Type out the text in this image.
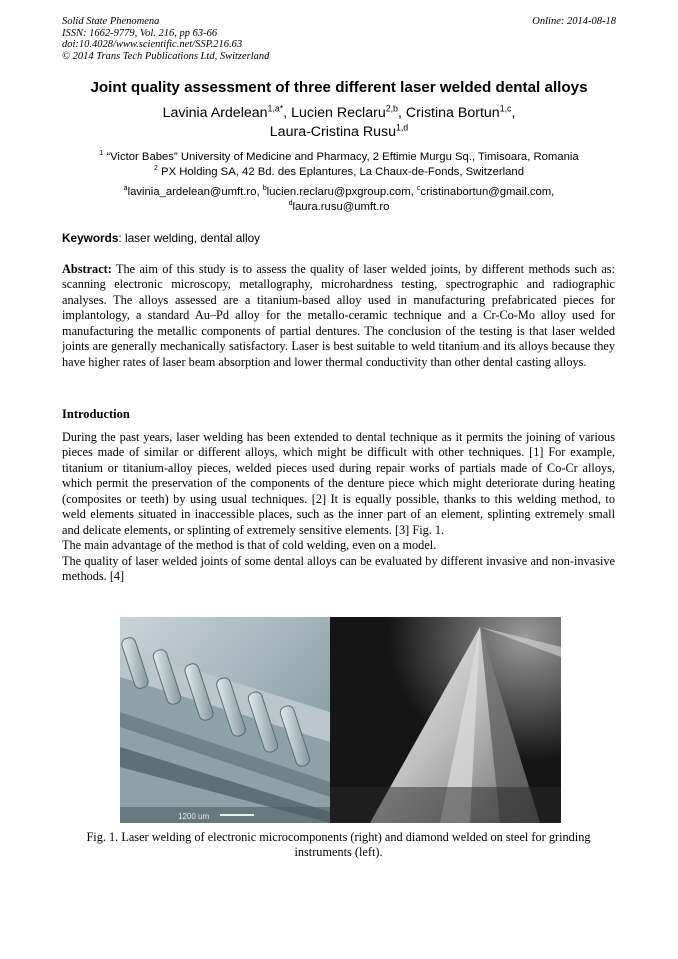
Solid State Phenomena
ISSN: 1662-9779, Vol. 216, pp 63-66
doi:10.4028/www.scientific.net/SSP.216.63
© 2014 Trans Tech Publications Ltd, Switzerland
Online: 2014-08-18
Joint quality assessment of three different laser welded dental alloys
Lavinia Ardelean$^{1,a*}$, Lucien Reclaru$^{2,b}$, Cristina Bortun$^{1,c}$,
Laura-Cristina Rusu$^{1,d}$
$^1$ “Victor Babes” University of Medicine and Pharmacy, 2 Eftimie Murgu Sq., Timisoara, Romania
$^2$ PX Holding SA, 42 Bd. des Eplantures, La Chaux-de-Fonds, Switzerland
$^a$lavinia_ardelean@umft.ro, $^b$lucien.reclaru@pxgroup.com, $^c$cristinabortun@gmail.com,
$^d$laura.rusu@umft.ro
Keywords: laser welding, dental alloy

Abstract: The aim of this study is to assess the quality of laser welded joints, by different methods such as: scanning electronic microscopy, metallography, microhardness testing, spectrographic and radiographic analyses. The alloys assessed are a titanium-based alloy used in manufacturing prefabricated pieces for implantology, a standard Au–Pd alloy for the metallo-ceramic technique and a Cr-Co-Mo alloy used for manufacturing the metallic components of partial dentures. The conclusion of the testing is that laser welded joints are generally mechanically satisfactory. Laser is best suitable to weld titanium and its alloys because they have higher rates of laser beam absorption and lower thermal conductivity than other dental casting alloys.

Introduction

During the past years, laser welding has been extended to dental technique as it permits the joining of various pieces made of similar or different alloys, which might be difficult with other techniques. [1] For example, titanium or titanium-alloy pieces, welded pieces used during repair works of partials made of Co-Cr alloys, which permit the preservation of the components of the denture piece which might deteriorate during heating (composites or teeth) by using usual techniques. [2] It is equally possible, thanks to this welding method, to weld elements situated in inaccessible places, such as the inner part of an element, splinting extremely small and delicate elements, or splinting of extremely sensitive elements. [3] Fig. 1.

The main advantage of the method is that of cold welding, even on a model.

The quality of laser welded joints of some dental alloys can be evaluated by different invasive and non-invasive methods. [4]

1200 um
Fig. 1. Laser welding of electronic microcomponents (right) and diamond welded on steel for grinding instruments (left).
